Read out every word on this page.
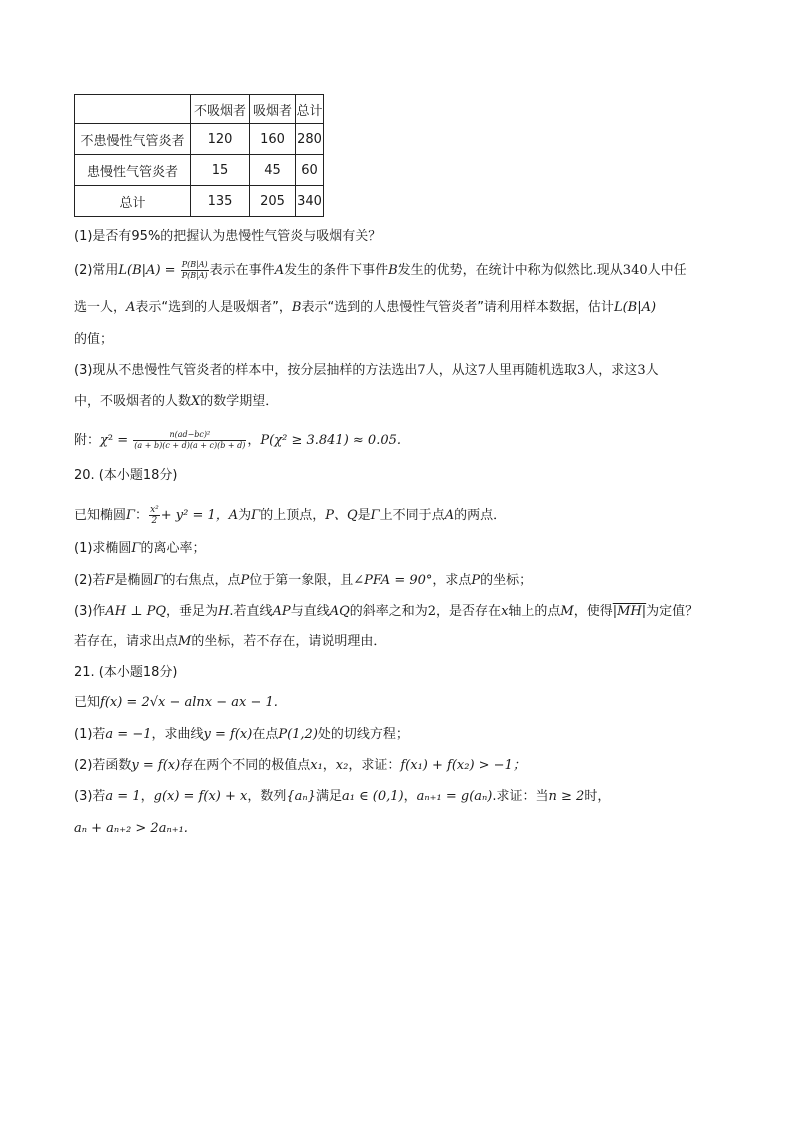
	不吸烟者	吸烟者	总计
不患慢性气管炎者	120	160	280
患慢性气管炎者	15	45	60
总计	135	205	340
(1)是否有95%的把握认为患慢性气管炎与吸烟有关？
(2)常用$L(B|A) = \frac{P(B|A)}{P(B|A)}$ 表示在事件A发生的条件下事件B发生的优势，在统计中称为似然比.现从340人中任
选一人，A表示“选到的人是吸烟者”，B表示“选到的人患慢性气管炎者”请利用样本数据，估计L(B|A)
的值；
(3)现从不患慢性气管炎者的样本中，按分层抽样的方法选出7人，从这7人里再随机选取3人，求这3人
中，不吸烟者的人数X的数学期望．
附：$\chi^2 = \frac{\text{n(ad−bc)²}}{(a + b)(c + d)(a + c)(b + d)}$ ，P(χ² ≥ 3.841) ≈ 0.05.
20. (本小题18分)
已知椭圆Γ： $\frac{\text{x²}}{2} + y^2 = 1$，A为Γ的上顶点，P、Q是Γ上不同于点A的两点．
(1)求椭圆Γ的离心率；
(2)若F是椭圆Γ的右焦点，点P位于第一象限，且∠PFA = 90°，求点P的坐标；
(3)作AH ⊥ PQ，垂足为H.若直线AP与直线AQ的斜率之和为2，是否存在x轴上的点M，使得|MH|为定值？
若存在，请求出点M的坐标，若不存在，请说明理由．
21. (本小题18分)
已知f(x) = 2√x − alnx − ax − 1.
(1)若a = −1，求曲线y = f(x)在点P(1,2)处的切线方程；
(2)若函数y = f(x)存在两个不同的极值点x₁，x₂，求证：f(x₁) + f(x₂) > −1；
(3)若a = 1，g(x) = f(x) + x，数列{aₙ}满足a₁ ∈ (0,1)，aₙ₊₁ = g(aₙ).求证：当n ≥ 2时，
aₙ + aₙ₊₂ > 2aₙ₊₁.
